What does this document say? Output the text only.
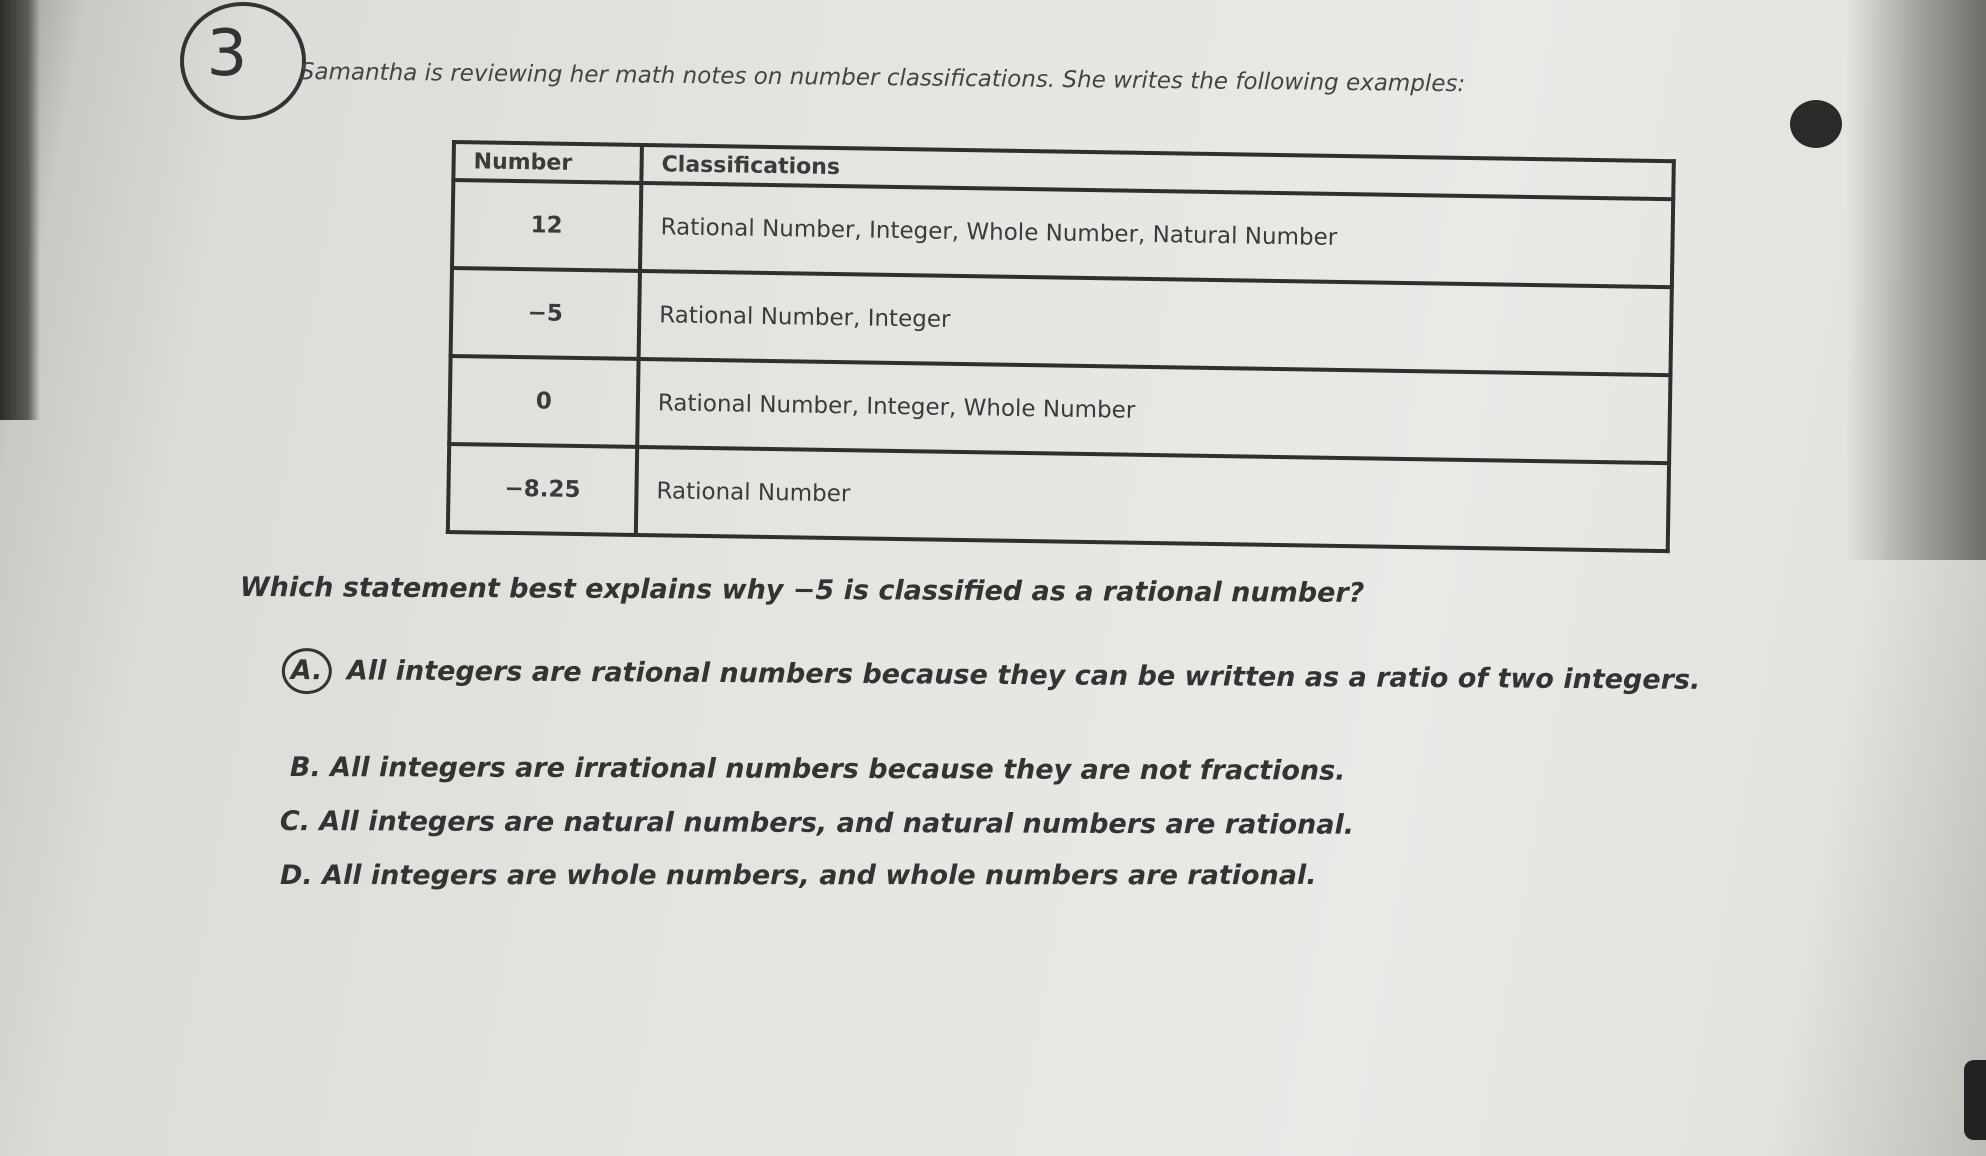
3	Samantha is reviewing her math notes on number classifications. She writes the following examples:
Number	Classifications
12	Rational Number, Integer, Whole Number, Natural Number
−5	Rational Number, Integer
0	Rational Number, Integer, Whole Number
−8.25	Rational Number
Which statement best explains why −5 is classified as a rational number?
A. All integers are rational numbers because they can be written as a ratio of two integers.
B. All integers are irrational numbers because they are not fractions.
C. All integers are natural numbers, and natural numbers are rational.
D. All integers are whole numbers, and whole numbers are rational.
